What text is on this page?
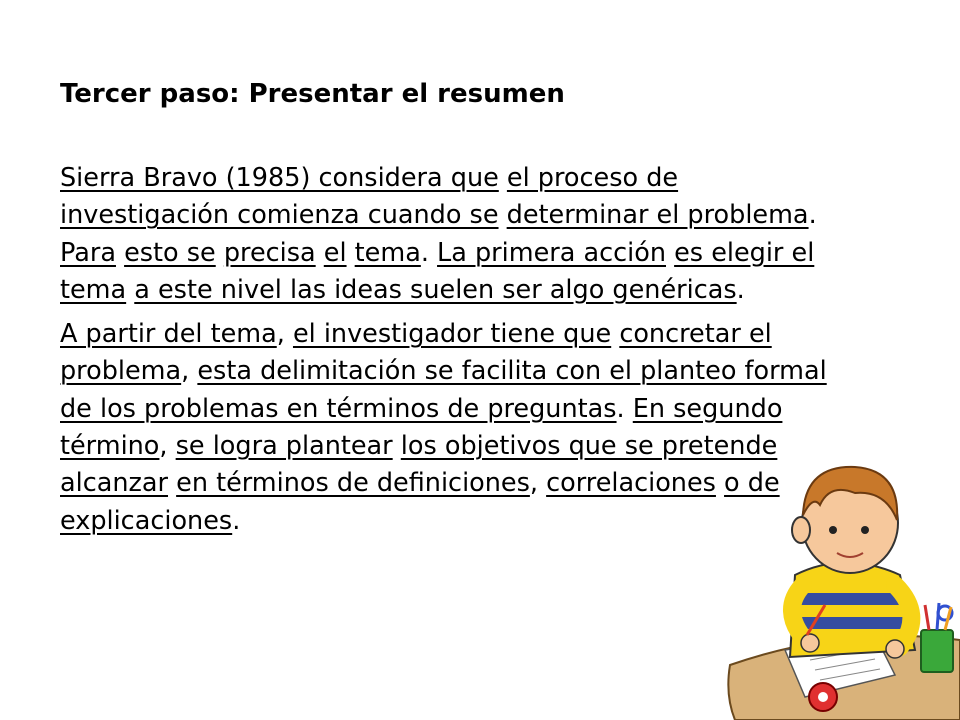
Tercer paso: Presentar el resumen

Sierra Bravo (1985) considera que el proceso de investigación comienza cuando se determinar el problema. Para esto se precisa el tema. La primera acción es elegir el tema a este nivel las ideas suelen ser algo genéricas.

A partir del tema, el investigador tiene que concretar el problema, esta delimitación se facilita con el planteo formal de los problemas en términos de preguntas. En segundo término, se logra plantear los objetivos que se pretende alcanzar en términos de definiciones, correlaciones o de explicaciones.
